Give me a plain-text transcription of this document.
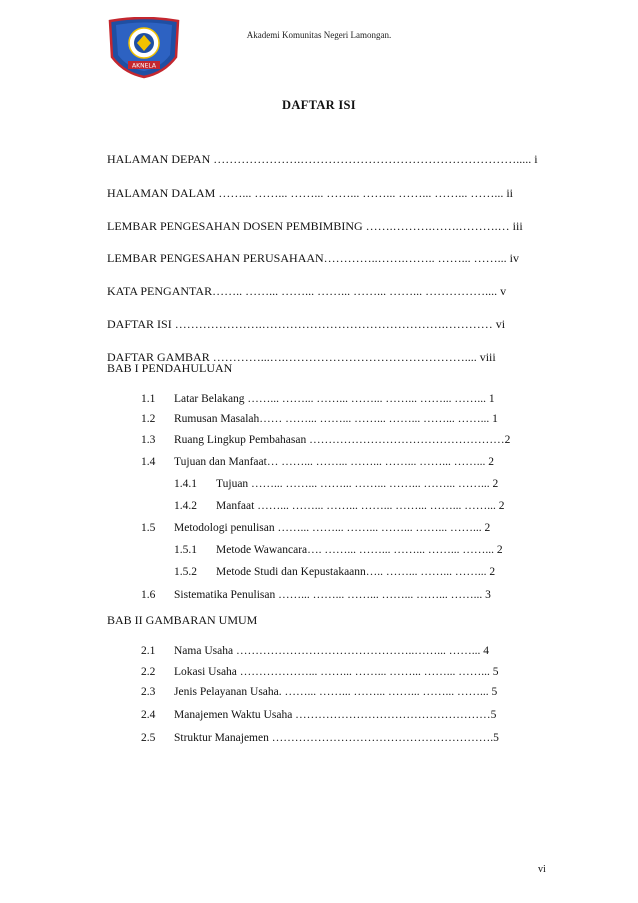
Akademi Komunitas Negeri Lamongan.
AKNELA
DAFTAR ISI
HALAMAN DEPAN ………………….………………………………………………..... i
HALAMAN DALAM ……... ……... ……... ……... ……... ……... ……... ……... ii
LEMBAR PENGESAHAN DOSEN PEMBIMBING …….……….…….……….… iii
LEMBAR PENGESAHAN PERUSAHAAN…………..…….…….. ……... ……... iv
KATA PENGANTAR…….. ……... ……... ……... ……... ……... …………….... v
DAFTAR ISI ………………….……………………………………….………… vi
DAFTAR GAMBAR …………...….……………………………………….... viii
BAB I PENDAHULUAN
1.1 Latar Belakang ……... ……... ……... ……... ……... ……... ……... 1
1.2 Rumusan Masalah…… ……... ……... ……... ……... ……... ……... 1
1.3 Ruang Lingkup Pembahasan ……………………………………………2
1.4 Tujuan dan Manfaat… ……... ……... ……... ……... ……... ……... 2
1.4.1 Tujuan ……... ……... ……... ……... ……... ……... ……... 2
1.4.2 Manfaat ……... ……... ……... ……... ……... ……... ……... 2
1.5 Metodologi penulisan ……... ……... ……... ……... ……... ……... 2
1.5.1 Metode Wawancara…. ……... ……... ……... ……... ……... 2
1.5.2 Metode Studi dan Kepustakaann….. ……... ……... ……... 2
1.6 Sistematika Penulisan ……... ……... ……... ……... ……... ……... 3
BAB II GAMBARAN UMUM
2.1 Nama Usaha ………………………………………..……... ……... 4
2.2 Lokasi Usaha ………………... ……... ……... ……... ……... ……... 5
2.3 Jenis Pelayanan Usaha. ……... ……... ……... ……... ……... ……... 5
2.4 Manajemen Waktu Usaha ……………………………………………5
2.5 Struktur Manajemen ………………………………………………….5
vi
